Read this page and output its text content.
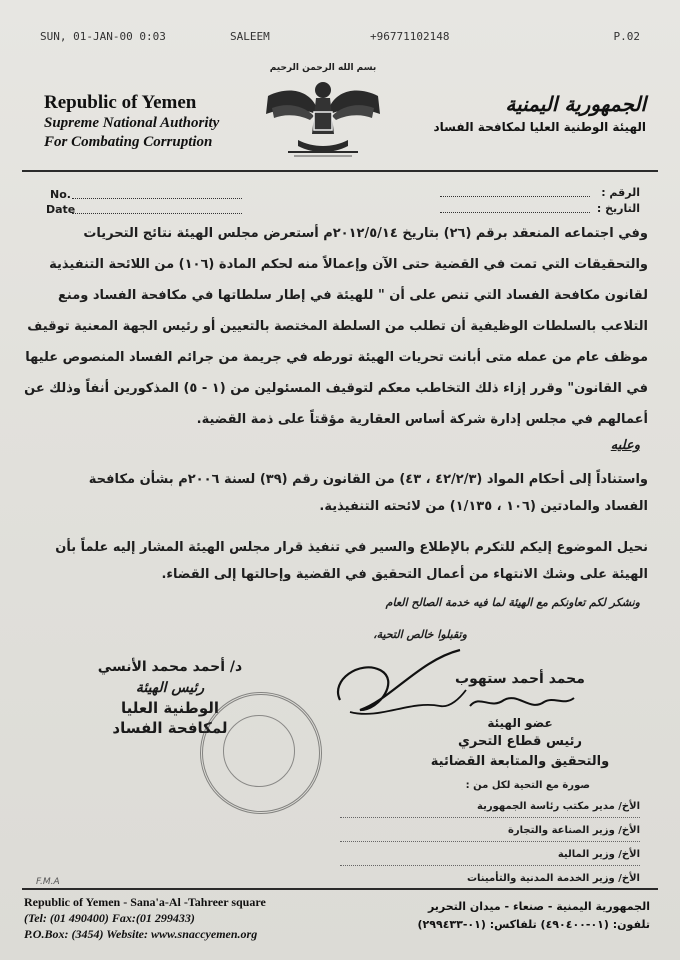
SUN, 01-JAN-00 0:03	SALEEM	+96771102148	P.02
Republic of Yemen
Supreme National Authority
For Combating Corruption
بسم الله الرحمن الرحيم
الجمهورية اليمنية
الهيئة الوطنية العليا لمكافحة الفساد
No.
Date
الرقم :
التاريخ :

وفي اجتماعه المنعقد برقم (٢٦) بتاريخ ٢٠١٢/٥/١٤م أستعرض مجلس الهيئة نتائج التحريات

والتحقيقات التي تمت في القضية حتى الآن وإعمالاً منه لحكم المادة (١٠٦) من اللائحة التنفيذية

لقانون مكافحة الفساد التي تنص على أن " للهيئة في إطار سلطاتها في مكافحة الفساد ومنع

التلاعب بالسلطات الوظيفية أن تطلب من السلطة المختصة بالتعيين أو رئيس الجهة المعنية توقيف

موظف عام من عمله متى أبانت تحريات الهيئة تورطه في جريمة من جرائم الفساد المنصوص عليها

في القانون" وقرر إزاء ذلك التخاطب معكم لتوقيف المسئولين من (١ - ٥) المذكورين أنفاً وذلك عن

أعمالهم في مجلس إدارة شركة أساس العقارية مؤقتاً على ذمة القضية.

وعليه

واستناداً إلى أحكام المواد (٤٢/٢/٣ ، ٤٣) من القانون رقم (٣٩) لسنة ٢٠٠٦م بشأن مكافحة

الفساد والمادتين (١٠٦ ، ١/١٣٥) من لائحته التنفيذية.

نحيل الموضوع إليكم للتكرم بالإطلاع والسير في تنفيذ قرار مجلس الهيئة المشار إليه علماً بأن

الهيئة على وشك الانتهاء من أعمال التحقيق في القضية وإحالتها إلى القضاء.

ونشكر لكم تعاونكم مع الهيئة لما فيه خدمة الصالح العام
وتقبلوا خالص التحية،
د/ أحمد محمد الأنسي
رئيس الهيئة
الوطنية العليا
لمكافحة الفساد
محمد أحمد ستهوب
عضو الهيئة
رئيس قطاع التحري
والتحقيق والمتابعة القضائية
صورة مع التحية لكل من :
الأخ/ مدير مكتب رئاسة الجمهورية
الأخ/ وزير الصناعة والتجارة
الأخ/ وزير المالية
الأخ/ وزير الخدمة المدنية والتأمينات
F.M.A
Republic of Yemen - Sana'a-Al -Tahreer square
(Tel: (01 490400) Fax:(01 299433)
P.O.Box: (3454) Website: www.snaccyemen.org
الجمهورية اليمنية - صنعاء - ميدان التحرير
تلفون: (٠١-٤٩٠٤٠٠) تلفاكس: (٠١-٢٩٩٤٣٣)
